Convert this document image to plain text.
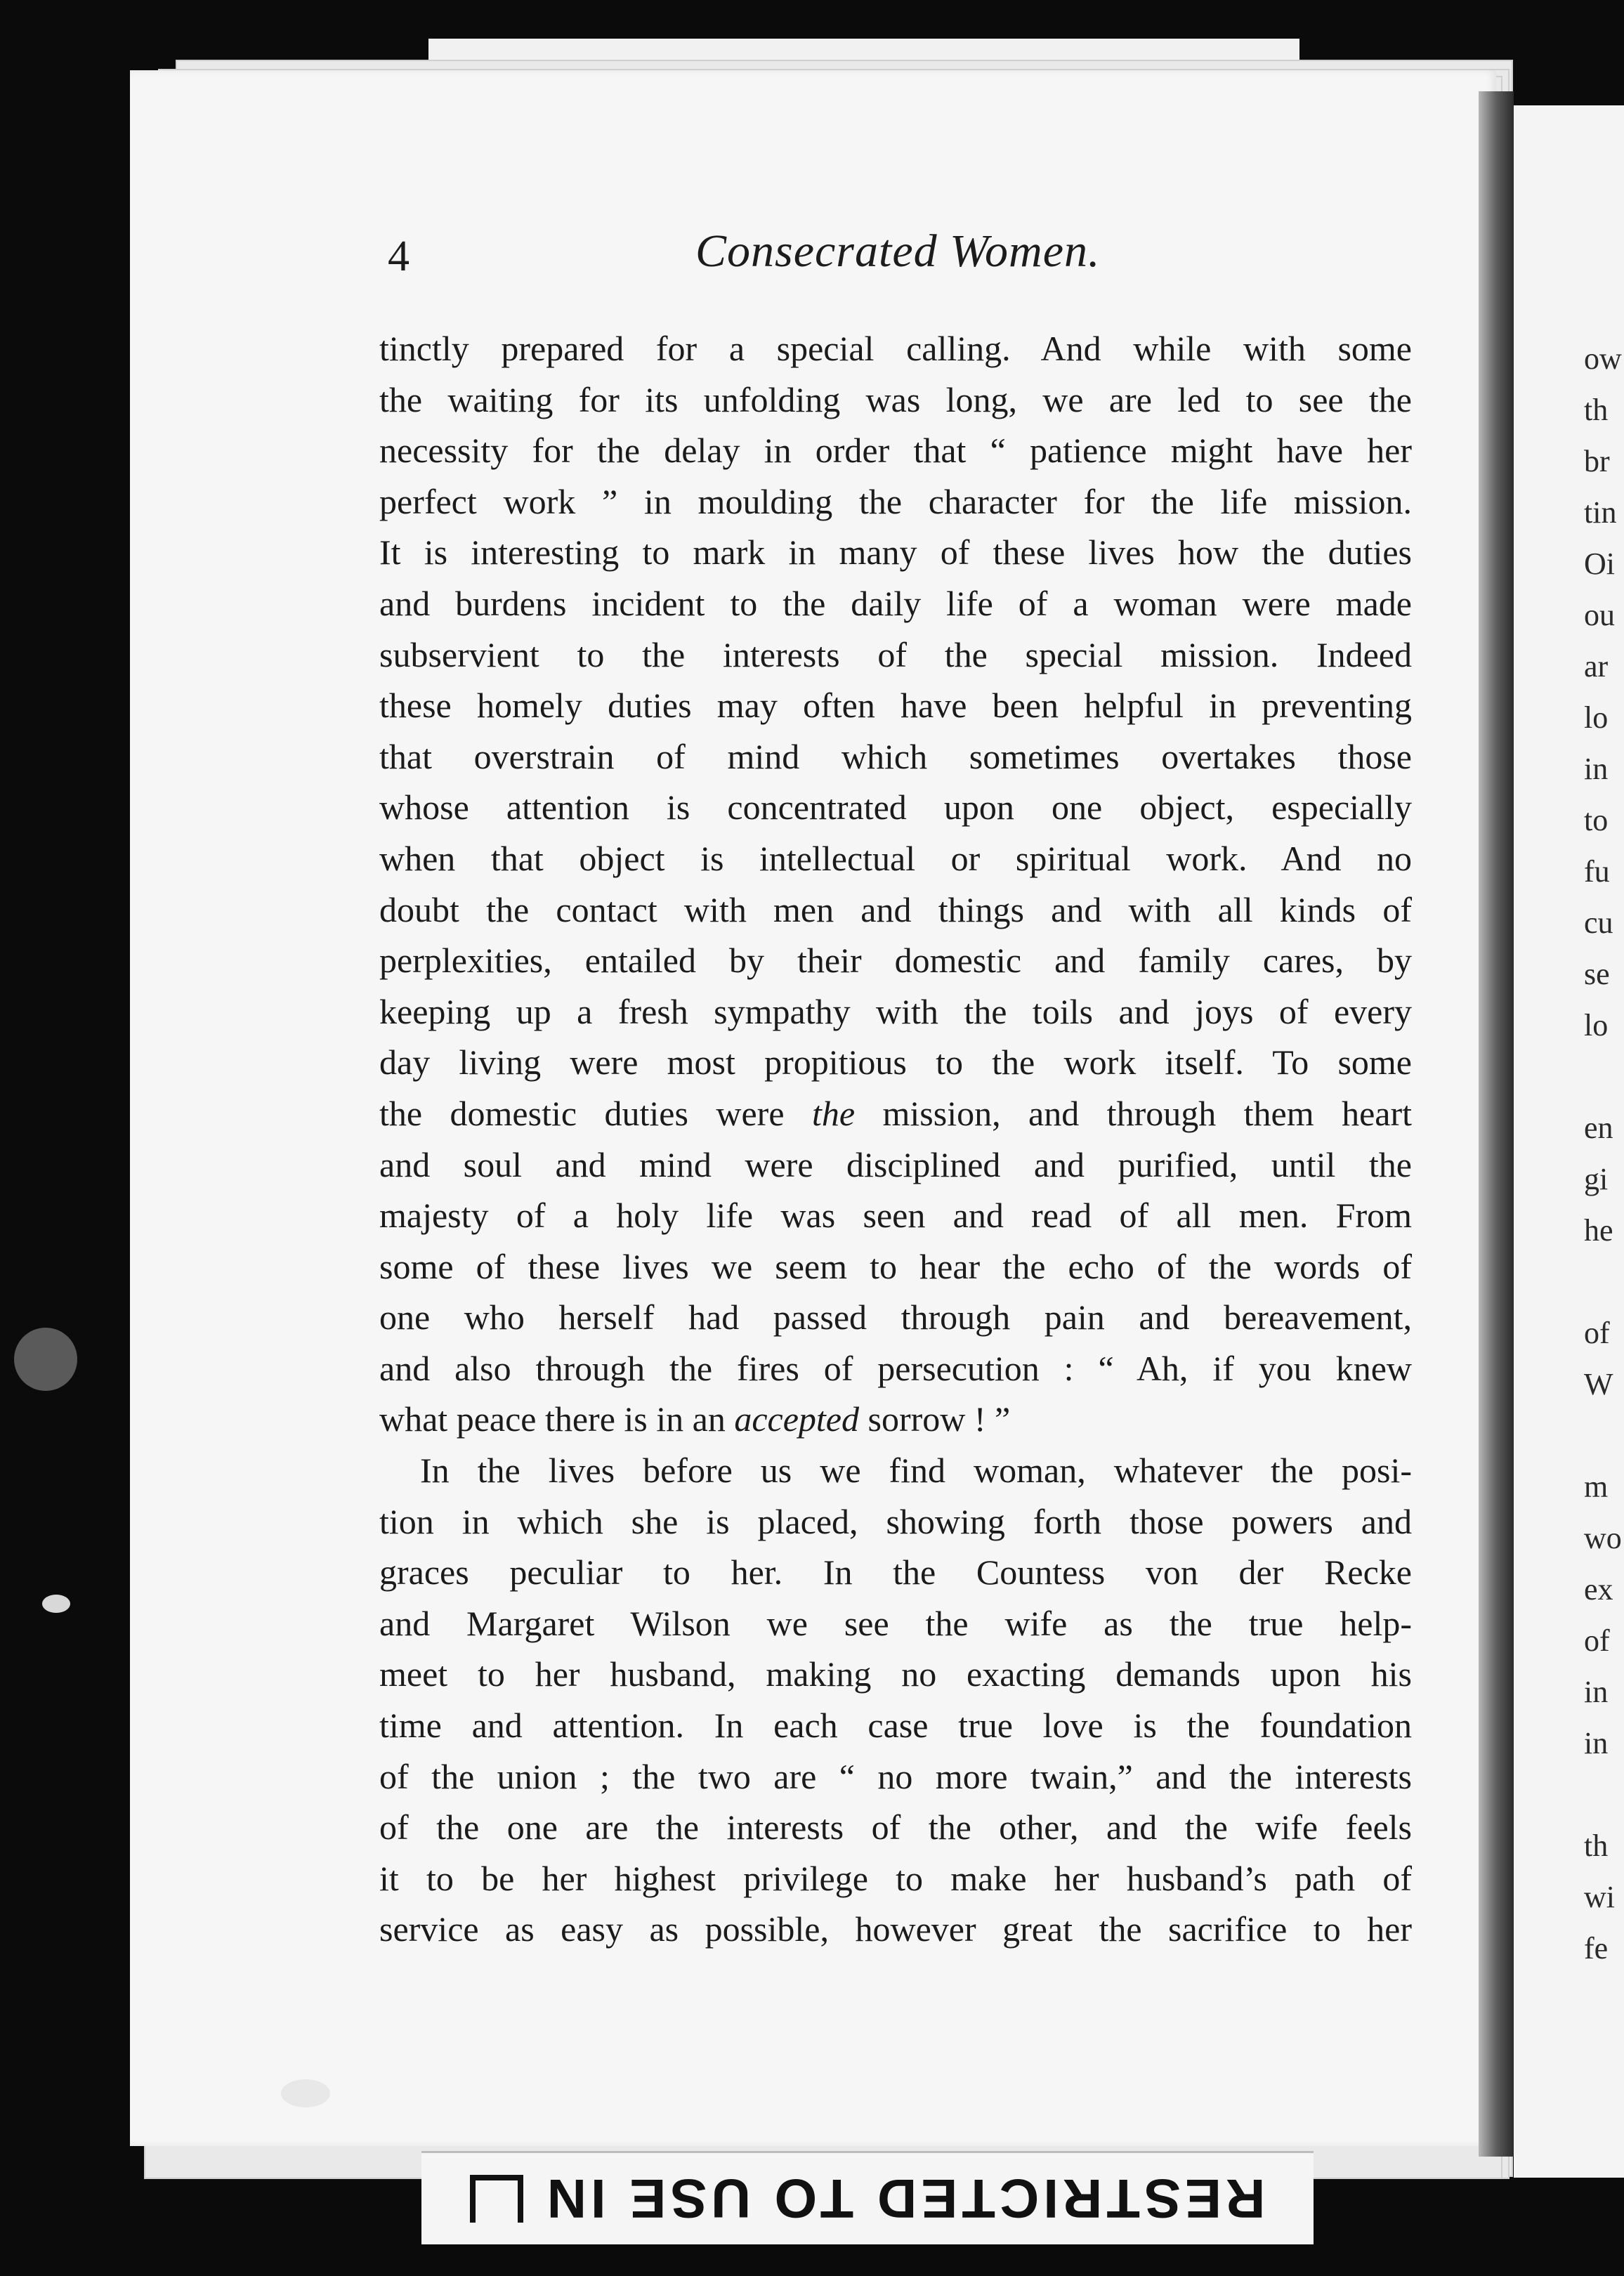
ow
th
br
tin
Oi
ou
ar
lo
in
to
fu
cu
se
lo
en
gi
he
of
W
m
wo
ex
of
in
in
th
wi
fe
4	Consecrated Women.
tinctly prepared for a special calling. And while with some
the waiting for its unfolding was long, we are led to see the
necessity for the delay in order that “ patience might have her
perfect work ” in moulding the character for the life mission.
It is interesting to mark in many of these lives how the duties
and burdens incident to the daily life of a woman were made
subservient to the interests of the special mission. Indeed
these homely duties may often have been helpful in preventing
that overstrain of mind which sometimes overtakes those
whose attention is concentrated upon one object, especially
when that object is intellectual or spiritual work. And no
doubt the contact with men and things and with all kinds of
perplexities, entailed by their domestic and family cares, by
keeping up a fresh sympathy with the toils and joys of every
day living were most propitious to the work itself. To some
the domestic duties were the mission, and through them heart
and soul and mind were disciplined and purified, until the
majesty of a holy life was seen and read of all men. From
some of these lives we seem to hear the echo of the words of
one who herself had passed through pain and bereavement,
and also through the fires of persecution : “ Ah, if you knew
what peace there is in an accepted sorrow ! ”
In the lives before us we find woman, whatever the posi-
tion in which she is placed, showing forth those powers and
graces peculiar to her. In the Countess von der Recke
and Margaret Wilson we see the wife as the true help-
meet to her husband, making no exacting demands upon his
time and attention. In each case true love is the foundation
of the union ; the two are “ no more twain,” and the interests
of the one are the interests of the other, and the wife feels
it to be her highest privilege to make her husband’s path of
service as easy as possible, however great the sacrifice to her
RESTRICTED TO USE IN
